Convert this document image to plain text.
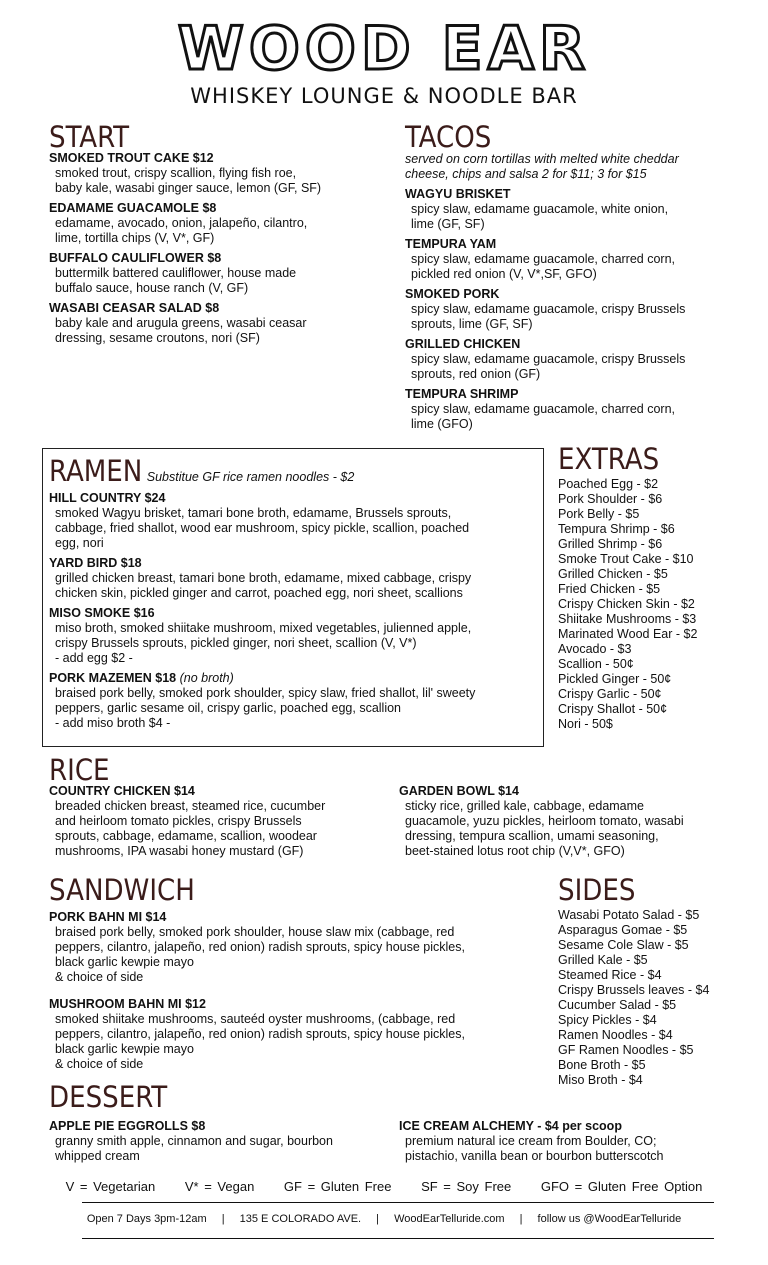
WOOD EAR
WHISKEY LOUNGE & NOODLE BAR
START
SMOKED TROUT CAKE $12
smoked trout, crispy scallion, flying fish roe,
baby kale, wasabi ginger sauce, lemon (GF, SF)
EDAMAME GUACAMOLE $8
edamame, avocado, onion, jalapeño, cilantro,
lime, tortilla chips (V, V*, GF)
BUFFALO CAULIFLOWER $8
buttermilk battered cauliflower, house made
buffalo sauce, house ranch (V, GF)
WASABI CEASAR SALAD $8
baby kale and arugula greens, wasabi ceasar
dressing, sesame croutons, nori (SF)
TACOS
served on corn tortillas with melted white cheddar
cheese, chips and salsa 2 for $11; 3 for $15
WAGYU BRISKET
spicy slaw, edamame guacamole, white onion,
lime (GF, SF)
TEMPURA YAM
spicy slaw, edamame guacamole, charred corn,
pickled red onion (V, V*,SF, GFO)
SMOKED PORK
spicy slaw, edamame guacamole, crispy Brussels
sprouts, lime (GF, SF)
GRILLED CHICKEN
spicy slaw, edamame guacamole, crispy Brussels
sprouts, red onion (GF)
TEMPURA SHRIMP
spicy slaw, edamame guacamole, charred corn,
lime (GFO)
RAMEN Substitue GF rice ramen noodles - $2
HILL COUNTRY $24
smoked Wagyu brisket, tamari bone broth, edamame, Brussels sprouts,
cabbage, fried shallot, wood ear mushroom, spicy pickle, scallion, poached
egg, nori
YARD BIRD $18
grilled chicken breast, tamari bone broth, edamame, mixed cabbage, crispy
chicken skin, pickled ginger and carrot, poached egg, nori sheet, scallions
MISO SMOKE $16
miso broth, smoked shiitake mushroom, mixed vegetables, julienned apple,
crispy Brussels sprouts, pickled ginger, nori sheet, scallion (V, V*)
- add egg $2 -
PORK MAZEMEN $18 (no broth)
braised pork belly, smoked pork shoulder, spicy slaw, fried shallot, lil' sweety
peppers, garlic sesame oil, crispy garlic, poached egg, scallion
- add miso broth $4 -
EXTRAS
Poached Egg - $2
Pork Shoulder - $6
Pork Belly - $5
Tempura Shrimp - $6
Grilled Shrimp - $6
Smoke Trout Cake - $10
Grilled Chicken - $5
Fried Chicken - $5
Crispy Chicken Skin - $2
Shiitake Mushrooms - $3
Marinated Wood Ear - $2
Avocado - $3
Scallion - 50¢
Pickled Ginger - 50¢
Crispy Garlic - 50¢
Crispy Shallot - 50¢
Nori - 50$
RICE
COUNTRY CHICKEN $14
breaded chicken breast, steamed rice, cucumber
and heirloom tomato pickles, crispy Brussels
sprouts, cabbage, edamame, scallion, woodear
mushrooms, IPA wasabi honey mustard (GF)
GARDEN BOWL $14
sticky rice, grilled kale, cabbage, edamame
guacamole, yuzu pickles, heirloom tomato, wasabi
dressing, tempura scallion, umami seasoning,
beet-stained lotus root chip (V,V*, GFO)
SANDWICH
PORK BAHN MI $14
braised pork belly, smoked pork shoulder, house slaw mix (cabbage, red
peppers, cilantro, jalapeño, red onion) radish sprouts, spicy house pickles,
black garlic kewpie mayo
& choice of side
MUSHROOM BAHN MI $12
smoked shiitake mushrooms, sauteéd oyster mushrooms, (cabbage, red
peppers, cilantro, jalapeño, red onion) radish sprouts, spicy house pickles,
black garlic kewpie mayo
& choice of side
SIDES
Wasabi Potato Salad - $5
Asparagus Gomae - $5
Sesame Cole Slaw - $5
Grilled Kale - $5
Steamed Rice - $4
Crispy Brussels leaves - $4
Cucumber Salad - $5
Spicy Pickles - $4
Ramen Noodles - $4
GF Ramen Noodles - $5
Bone Broth - $5
Miso Broth - $4
DESSERT
APPLE PIE EGGROLLS $8
granny smith apple, cinnamon and sugar, bourbon
whipped cream
ICE CREAM ALCHEMY - $4 per scoop
premium natural ice cream from Boulder, CO;
pistachio, vanilla bean or bourbon butterscotch
V = Vegetarian V* = Vegan GF = Gluten Free SF = Soy Free GFO = Gluten Free Option
Open 7 Days 3pm-12am | 135 E COLORADO AVE. | WoodEarTelluride.com | follow us @WoodEarTelluride
